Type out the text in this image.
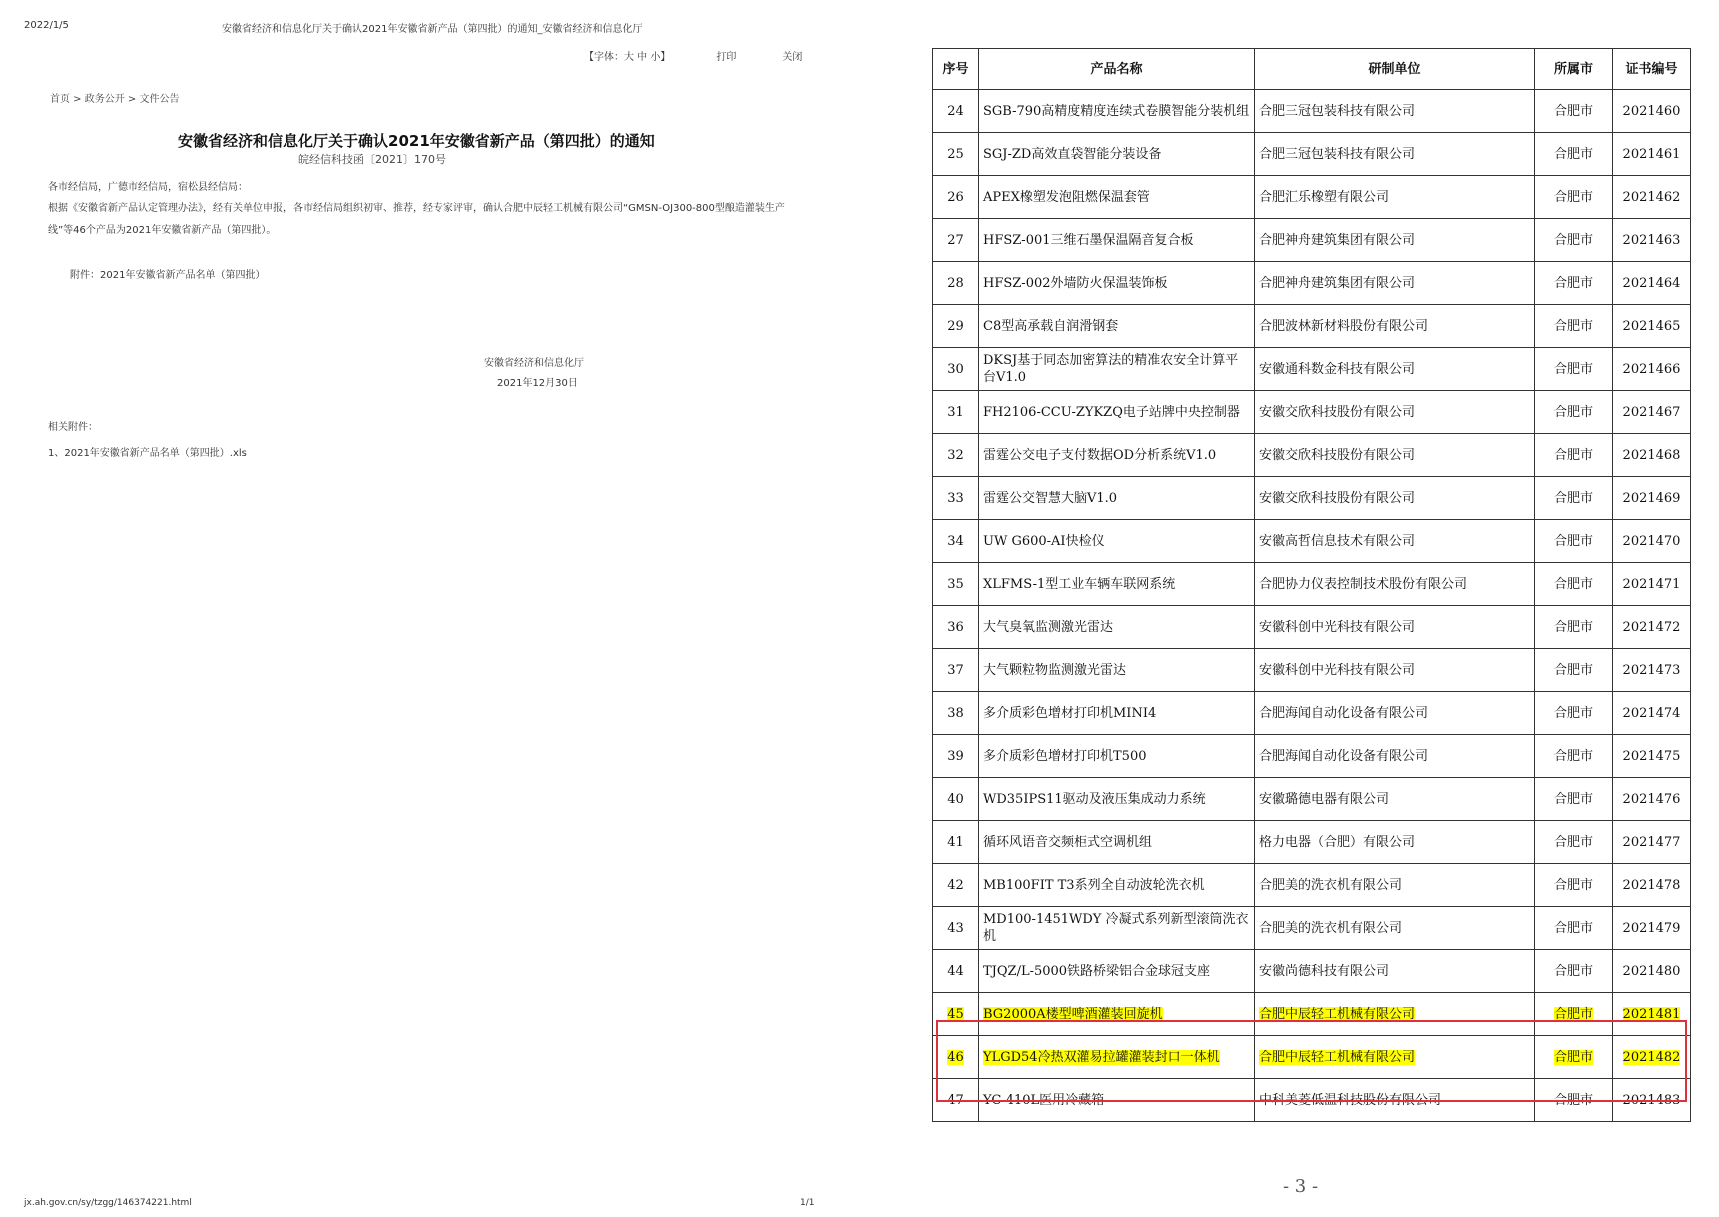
2022/1/5	安徽省经济和信息化厅关于确认2021年安徽省新产品（第四批）的通知_安徽省经济和信息化厅
【字体：大 中 小】	打印	关闭
首页 > 政务公开 > 文件公告
安徽省经济和信息化厅关于确认2021年安徽省新产品（第四批）的通知
皖经信科技函〔2021〕170号
各市经信局，广德市经信局，宿松县经信局：
根据《安徽省新产品认定管理办法》，经有关单位申报，各市经信局组织初审、推荐，经专家评审，确认合肥中辰轻工机械有限公司“GMSN-OJ300-800型酿造灌装生产线”等46个产品为2021年安徽省新产品（第四批）。
附件：2021年安徽省新产品名单（第四批）
安徽省经济和信息化厅
2021年12月30日
相关附件：
1、2021年安徽省新产品名单（第四批）.xls
jx.ah.gov.cn/sy/tzgg/146374221.html	1/1
序号	产品名称	研制单位	所属市	证书编号
24	SGB-790高精度精度连续式卷膜智能分装机组	合肥三冠包装科技有限公司	合肥市	2021460
25	SGJ-ZD高效直袋智能分装设备	合肥三冠包装科技有限公司	合肥市	2021461
26	APEX橡塑发泡阻燃保温套管	合肥汇乐橡塑有限公司	合肥市	2021462
27	HFSZ-001三维石墨保温隔音复合板	合肥神舟建筑集团有限公司	合肥市	2021463
28	HFSZ-002外墙防火保温装饰板	合肥神舟建筑集团有限公司	合肥市	2021464
29	C8型高承载自润滑钢套	合肥波林新材料股份有限公司	合肥市	2021465
30	DKSJ基于同态加密算法的精准农安全计算平台V1.0	安徽通科数金科技有限公司	合肥市	2021466
31	FH2106-CCU-ZYKZQ电子站牌中央控制器	安徽交欣科技股份有限公司	合肥市	2021467
32	雷霆公交电子支付数据OD分析系统V1.0	安徽交欣科技股份有限公司	合肥市	2021468
33	雷霆公交智慧大脑V1.0	安徽交欣科技股份有限公司	合肥市	2021469
34	UW G600-AI快检仪	安徽高哲信息技术有限公司	合肥市	2021470
35	XLFMS-1型工业车辆车联网系统	合肥协力仪表控制技术股份有限公司	合肥市	2021471
36	大气臭氧监测激光雷达	安徽科创中光科技有限公司	合肥市	2021472
37	大气颗粒物监测激光雷达	安徽科创中光科技有限公司	合肥市	2021473
38	多介质彩色增材打印机MINI4	合肥海闻自动化设备有限公司	合肥市	2021474
39	多介质彩色增材打印机T500	合肥海闻自动化设备有限公司	合肥市	2021475
40	WD35IPS11驱动及液压集成动力系统	安徽璐德电器有限公司	合肥市	2021476
41	循环风语音交频柜式空调机组	格力电器（合肥）有限公司	合肥市	2021477
42	MB100FIT T3系列全自动波轮洗衣机	合肥美的洗衣机有限公司	合肥市	2021478
43	MD100-1451WDY 冷凝式系列新型滚筒洗衣机	合肥美的洗衣机有限公司	合肥市	2021479
44	TJQZ/L-5000铁路桥梁铝合金球冠支座	安徽尚德科技有限公司	合肥市	2021480
45	BG2000A楼型啤酒灌装回旋机	合肥中辰轻工机械有限公司	合肥市	2021481
46	YLGD54冷热双灌易拉罐灌装封口一体机	合肥中辰轻工机械有限公司	合肥市	2021482
47	YC-410L医用冷藏箱	中科美菱低温科技股份有限公司	合肥市	2021483
- 3 -
